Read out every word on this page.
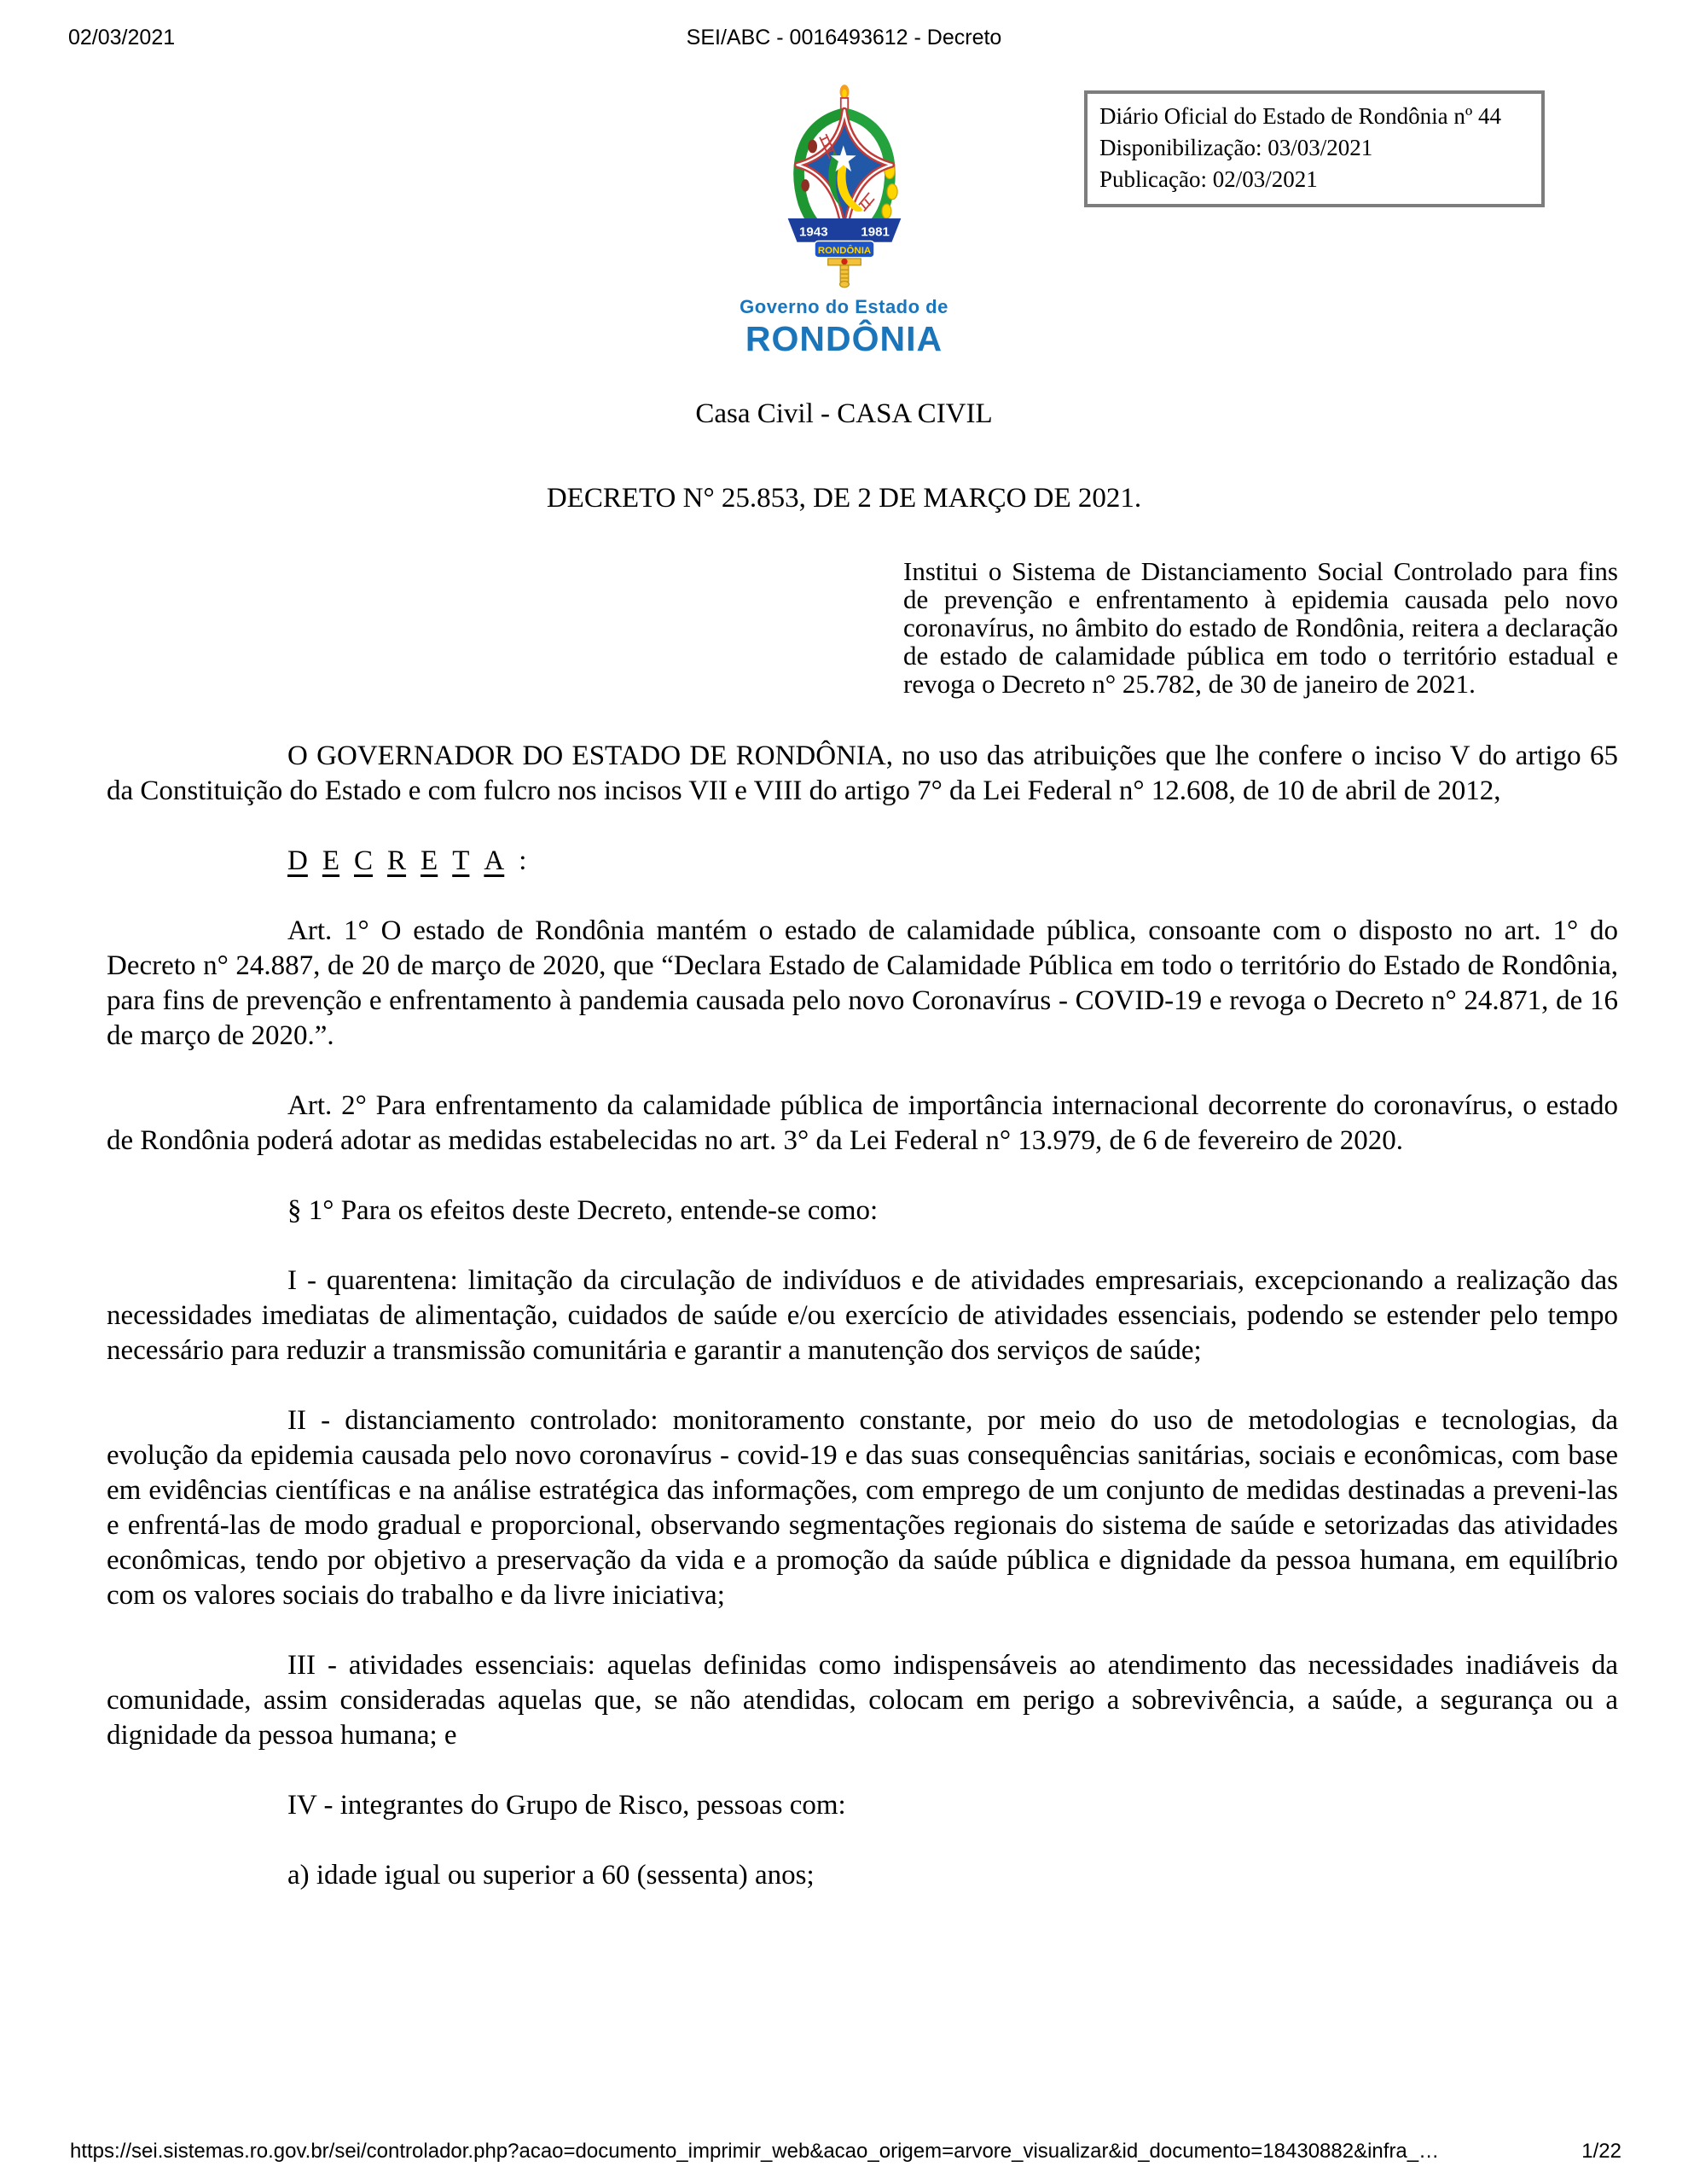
02/03/2021	SEI/ABC - 0016493612 - Decreto
Diário Oficial do Estado de Rondônia nº 44
Disponibilização: 03/03/2021
Publicação: 02/03/2021
1943 1981
RONDÔNIA
Governo do Estado de
RONDÔNIA
Casa Civil - CASA CIVIL
DECRETO N° 25.853, DE 2 DE MARÇO DE 2021.
Institui o Sistema de Distanciamento Social Controlado para fins de prevenção e enfrentamento à epidemia causada pelo novo coronavírus, no âmbito do estado de Rondônia, reitera a declaração de estado de calamidade pública em todo o território estadual e revoga o Decreto n° 25.782, de 30 de janeiro de 2021.

O GOVERNADOR DO ESTADO DE RONDÔNIA, no uso das atribuições que lhe confere o inciso V do artigo 65 da Constituição do Estado e com fulcro nos incisos VII e VIII do artigo 7° da Lei Federal n° 12.608, de 10 de abril de 2012,

D E C R E T A :

Art. 1° O estado de Rondônia mantém o estado de calamidade pública, consoante com o disposto no art. 1° do Decreto n° 24.887, de 20 de março de 2020, que “Declara Estado de Calamidade Pública em todo o território do Estado de Rondônia, para fins de prevenção e enfrentamento à pandemia causada pelo novo Coronavírus - COVID-19 e revoga o Decreto n° 24.871, de 16 de março de 2020.”.

Art. 2° Para enfrentamento da calamidade pública de importância internacional decorrente do coronavírus, o estado de Rondônia poderá adotar as medidas estabelecidas no art. 3° da Lei Federal n° 13.979, de 6 de fevereiro de 2020.

§ 1° Para os efeitos deste Decreto, entende-se como:

I - quarentena: limitação da circulação de indivíduos e de atividades empresariais, excepcionando a realização das necessidades imediatas de alimentação, cuidados de saúde e/ou exercício de atividades essenciais, podendo se estender pelo tempo necessário para reduzir a transmissão comunitária e garantir a manutenção dos serviços de saúde;

II - distanciamento controlado: monitoramento constante, por meio do uso de metodologias e tecnologias, da evolução da epidemia causada pelo novo coronavírus - covid-19 e das suas consequências sanitárias, sociais e econômicas, com base em evidências científicas e na análise estratégica das informações, com emprego de um conjunto de medidas destinadas a preveni-las e enfrentá-las de modo gradual e proporcional, observando segmentações regionais do sistema de saúde e setorizadas das atividades econômicas, tendo por objetivo a preservação da vida e a promoção da saúde pública e dignidade da pessoa humana, em equilíbrio com os valores sociais do trabalho e da livre iniciativa;

III - atividades essenciais: aquelas definidas como indispensáveis ao atendimento das necessidades inadiáveis da comunidade, assim consideradas aquelas que, se não atendidas, colocam em perigo a sobrevivência, a saúde, a segurança ou a dignidade da pessoa humana; e

IV - integrantes do Grupo de Risco, pessoas com:

a) idade igual ou superior a 60 (sessenta) anos;

https://sei.sistemas.ro.gov.br/sei/controlador.php?acao=documento_imprimir_web&acao_origem=arvore_visualizar&id_documento=18430882&infra_…	1/22
